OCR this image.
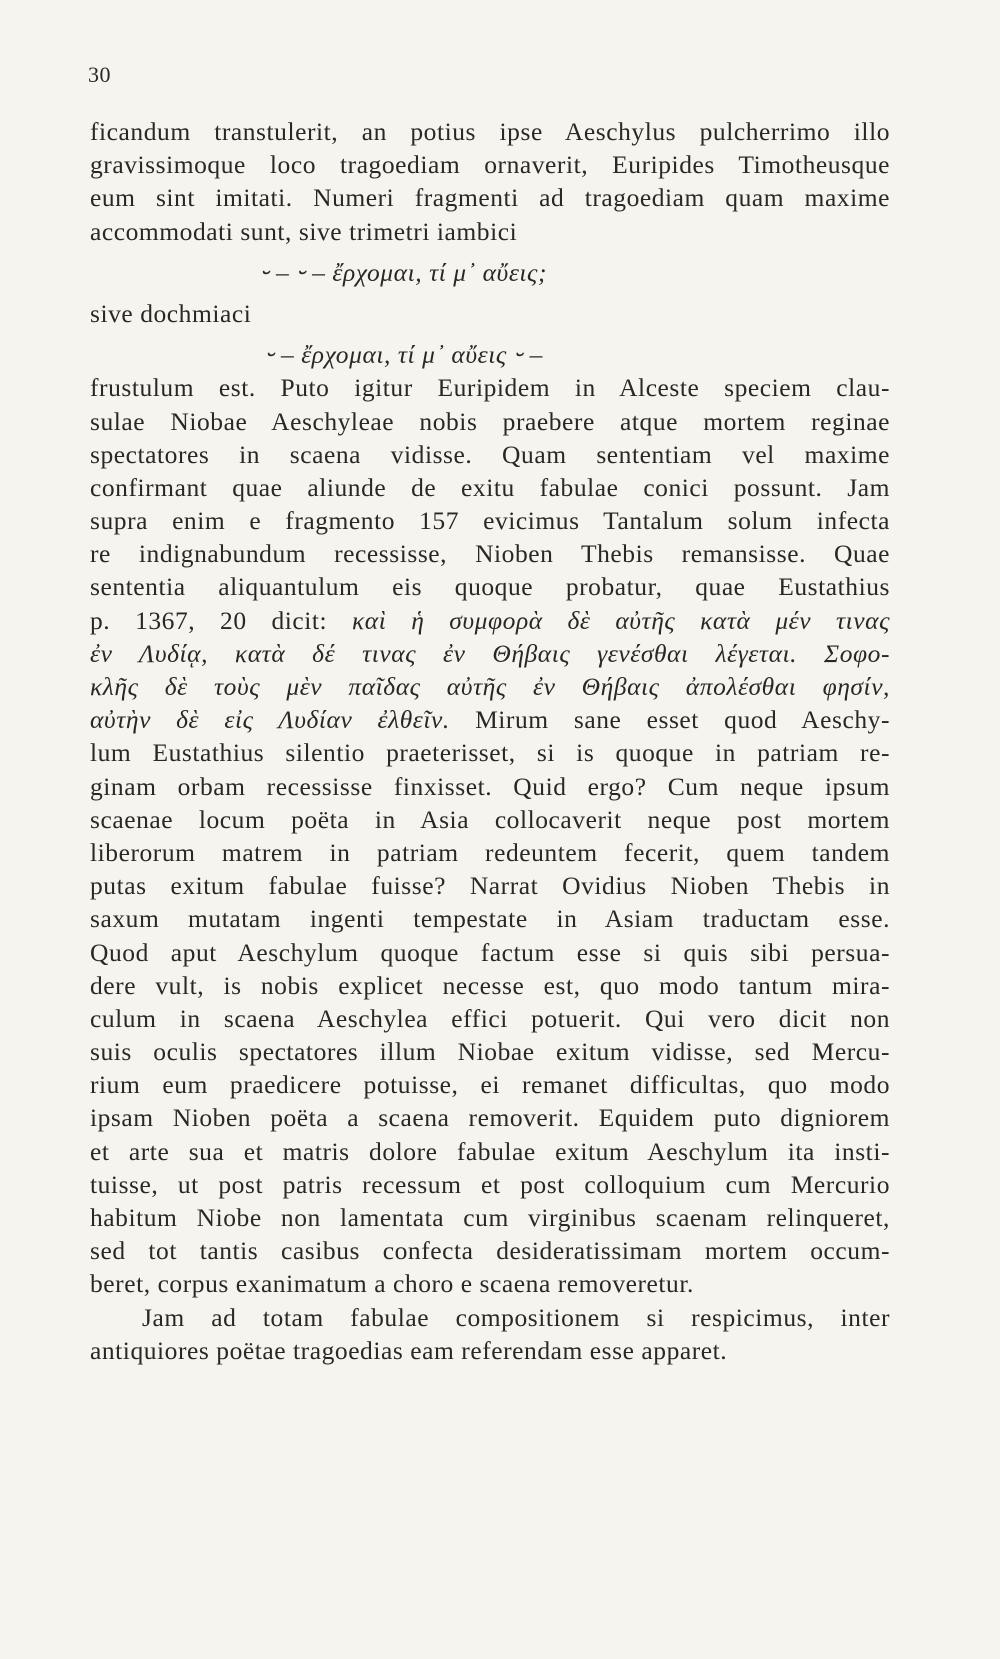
30
ficandum transtulerit, an potius ipse Aeschylus pulcherrimo illo
gravissimoque loco tragoediam ornaverit, Euripides Timotheusque
eum sint imitati. Numeri fragmenti ad tragoediam quam maxime
accommodati sunt, sive trimetri iambici
⏑ – ⏑ – ἔρχομαι, τί μ᾽ αὔεις;
sive dochmiaci
⏑ – ἔρχομαι, τί μ᾽ αὔεις ⏑ –
frustulum est. Puto igitur Euripidem in Alceste speciem clau-
sulae Niobae Aeschyleae nobis praebere atque mortem reginae
spectatores in scaena vidisse. Quam sententiam vel maxime
confirmant quae aliunde de exitu fabulae conici possunt. Jam
supra enim e fragmento 157 evicimus Tantalum solum infecta
re indignabundum recessisse, Nioben Thebis remansisse. Quae
sententia aliquantulum eis quoque probatur, quae Eustathius
p. 1367, 20 dicit: καὶ ἡ συμφορὰ δὲ αὐτῆς κατὰ μέν τινας
ἐν Λυδίᾳ, κατὰ δέ τινας ἐν Θήβαις γενέσθαι λέγεται. Σοφο-
κλῆς δὲ τοὺς μὲν παῖδας αὐτῆς ἐν Θήβαις ἀπολέσθαι φησίν,
αὐτὴν δὲ εἰς Λυδίαν ἐλθεῖν. Mirum sane esset quod Aeschy-
lum Eustathius silentio praeterisset, si is quoque in patriam re-
ginam orbam recessisse finxisset. Quid ergo? Cum neque ipsum
scaenae locum poëta in Asia collocaverit neque post mortem
liberorum matrem in patriam redeuntem fecerit, quem tandem
putas exitum fabulae fuisse? Narrat Ovidius Nioben Thebis in
saxum mutatam ingenti tempestate in Asiam traductam esse.
Quod aput Aeschylum quoque factum esse si quis sibi persua-
dere vult, is nobis explicet necesse est, quo modo tantum mira-
culum in scaena Aeschylea effici potuerit. Qui vero dicit non
suis oculis spectatores illum Niobae exitum vidisse, sed Mercu-
rium eum praedicere potuisse, ei remanet difficultas, quo modo
ipsam Nioben poëta a scaena removerit. Equidem puto digniorem
et arte sua et matris dolore fabulae exitum Aeschylum ita insti-
tuisse, ut post patris recessum et post colloquium cum Mercurio
habitum Niobe non lamentata cum virginibus scaenam relinqueret,
sed tot tantis casibus confecta desideratissimam mortem occum-
beret, corpus exanimatum a choro e scaena removeretur.
Jam ad totam fabulae compositionem si respicimus, inter
antiquiores poëtae tragoedias eam referendam esse apparet.
